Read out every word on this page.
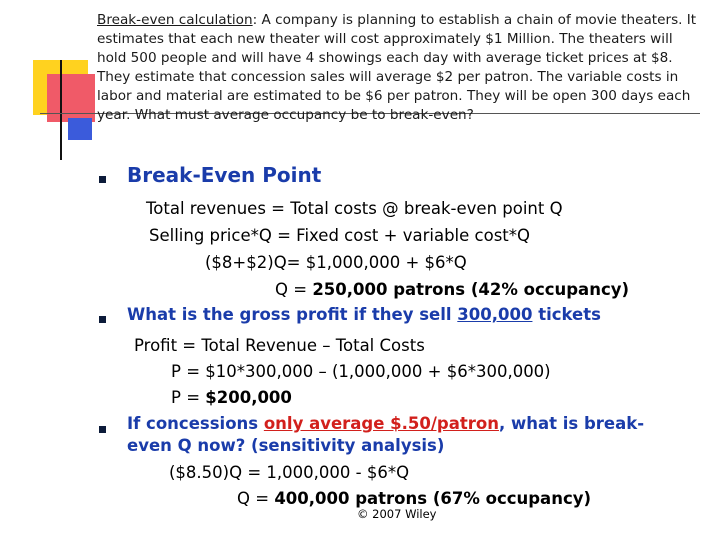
Break-even calculation: A company is planning to establish a chain of movie theaters. It estimates that each new theater will cost approximately $1 Million. The theaters will hold 500 people and will have 4 showings each day with average ticket prices at $8. They estimate that concession sales will average $2 per patron. The variable costs in labor and material are estimated to be $6 per patron. They will be open 300 days each year. What must average occupancy be to break-even?
Break-Even Point
Total revenues = Total costs @ break-even point Q
Selling price*Q = Fixed cost + variable cost*Q
($8+$2)Q= $1,000,000 + $6*Q
Q = 250,000 patrons (42% occupancy)
What is the gross profit if they sell 300,000 tickets
Profit = Total Revenue – Total Costs
P = $10*300,000 – (1,000,000 + $6*300,000)
P = $200,000
If concessions only average $.50/patron, what is break-
even Q now? (sensitivity analysis)
($8.50)Q = 1,000,000 - $6*Q
Q = 400,000 patrons (67% occupancy)
© 2007 Wiley
